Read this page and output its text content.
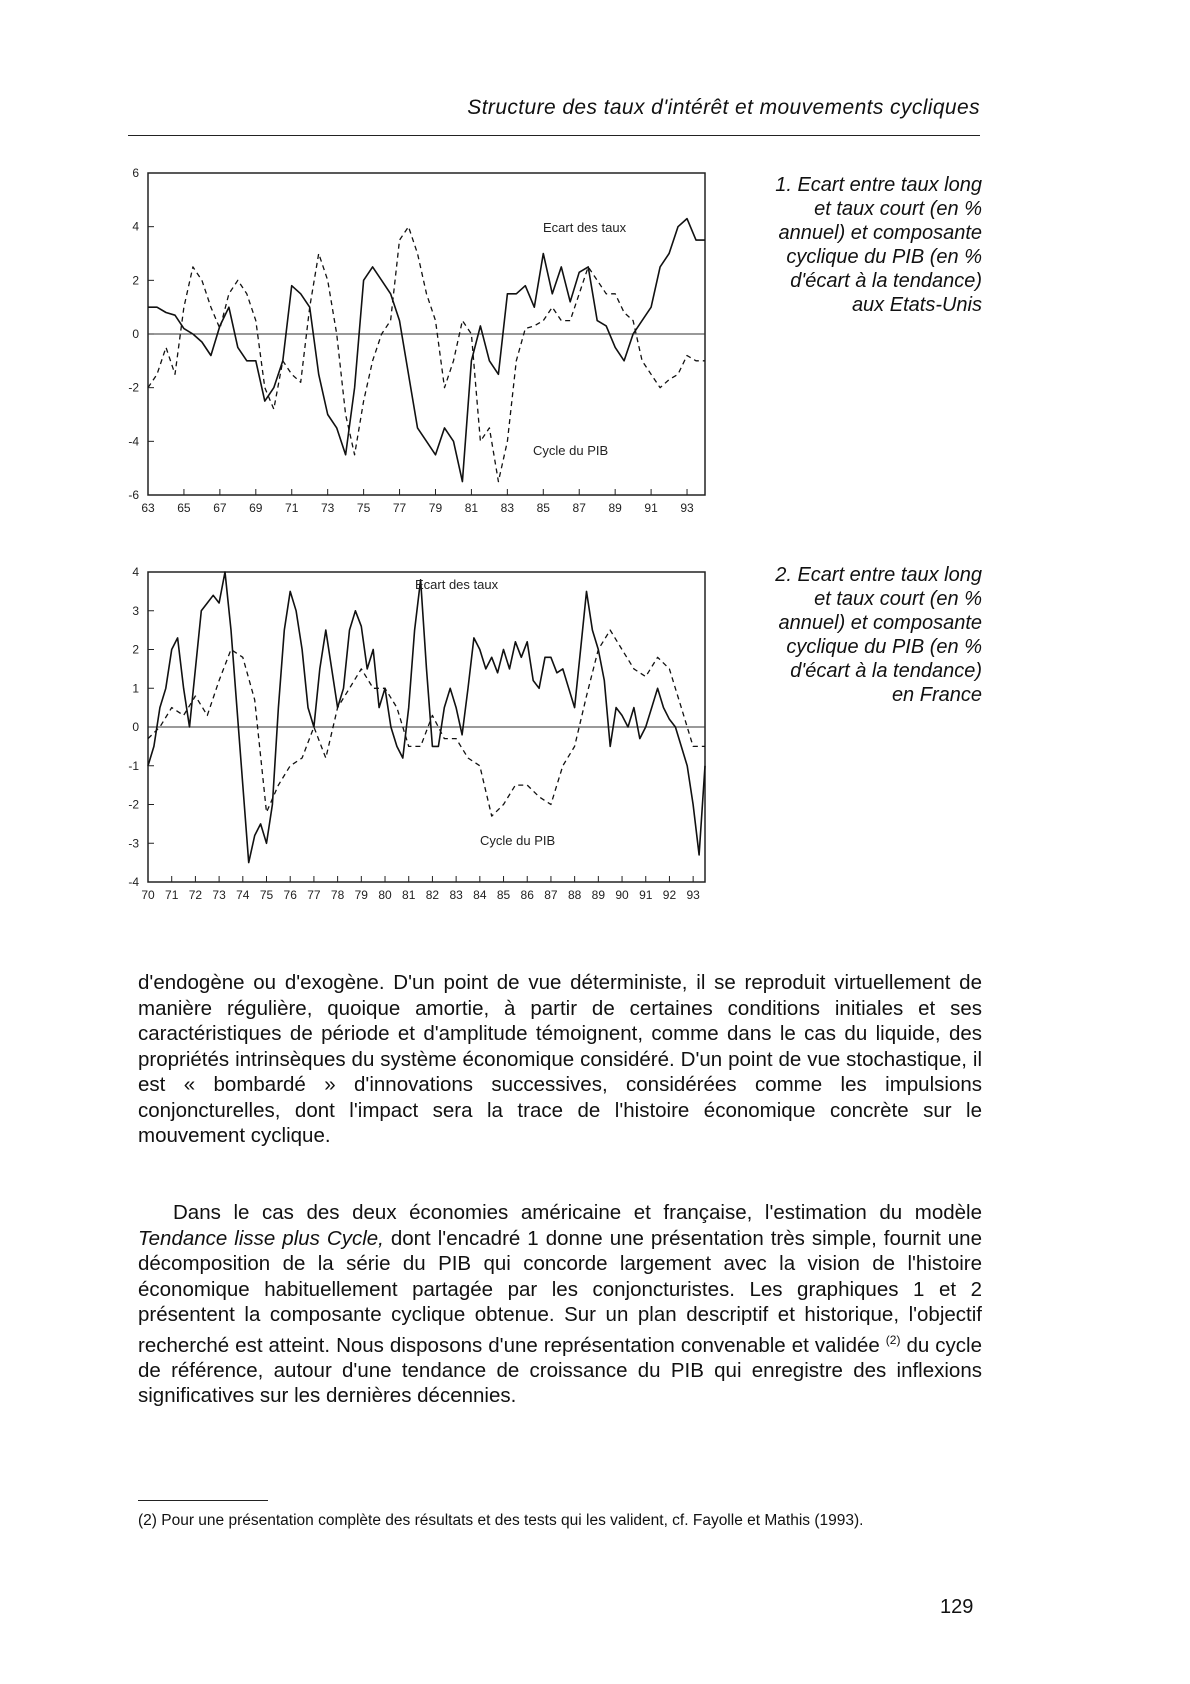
Structure des taux d'intérêt et mouvements cycliques
6
4
2
0
-2
-4
-6
63 65 67 69 71 73 75 77 79 81 83 85 87 89 91 93
Ecart des taux
Cycle du PIB
1. Ecart entre taux long et taux court (en % annuel) et composante cyclique du PIB (en % d'écart à la tendance) aux Etats-Unis
4
3
2
1
0
-1
-2
-3
-4
70 71 72 73 74 75 76 77 78 79 80 81 82 83 84 85 86 87 88 89 90 91 92 93
Ecart des taux
Cycle du PIB
2. Ecart entre taux long et taux court (en % annuel) et composante cyclique du PIB (en % d'écart à la tendance) en France
d'endogène ou d'exogène. D'un point de vue déterministe, il se reproduit virtuellement de manière régulière, quoique amortie, à partir de certaines conditions initiales et ses caractéristiques de période et d'amplitude témoignent, comme dans le cas du liquide, des propriétés intrinsèques du système économique considéré. D'un point de vue stochastique, il est « bombardé » d'innovations successives, considérées comme les impulsions conjoncturelles, dont l'impact sera la trace de l'histoire économique concrète sur le mouvement cyclique.
Dans le cas des deux économies américaine et française, l'estimation du modèle Tendance lisse plus Cycle, dont l'encadré 1 donne une présentation très simple, fournit une décomposition de la série du PIB qui concorde largement avec la vision de l'histoire économique habituellement partagée par les conjoncturistes. Les graphiques 1 et 2 présentent la composante cyclique obtenue. Sur un plan descriptif et historique, l'objectif recherché est atteint. Nous disposons d'une représentation convenable et validée $^{(2)}$ du cycle de référence, autour d'une tendance de croissance du PIB qui enregistre des inflexions significatives sur les dernières décennies.
(2) Pour une présentation complète des résultats et des tests qui les valident, cf. Fayolle et Mathis (1993).
129
